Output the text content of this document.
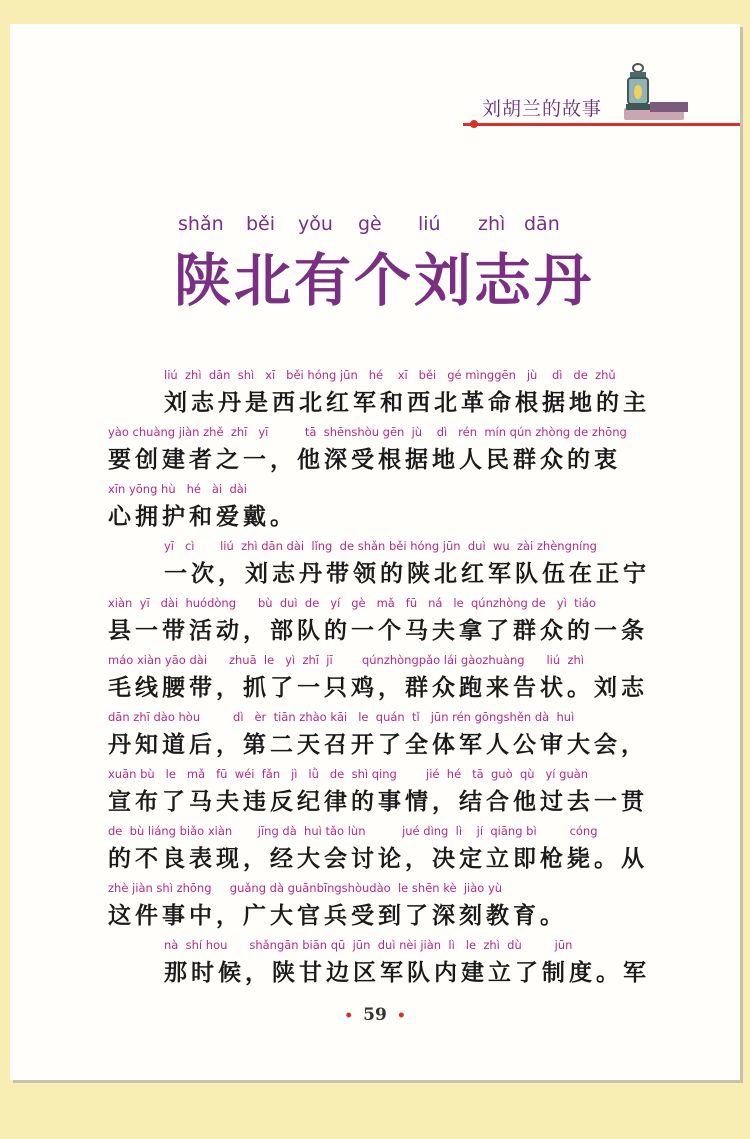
刘胡兰的故事
shǎn běi yǒu gè liú zhì dān
陕北有个刘志丹
liú  zhì  dān  shì   xī   běi hóng jūn   hé    xī   běi   gé mìnggēn   jù    dì   de  zhǔ
刘志丹是西北红军和西北革命根据地的主
yào chuàng jiàn zhě  zhī   yī          tā  shēnshòu gēn  jù    dì   rén  mín qún zhòng de zhōng
要创建者之一，他深受根据地人民群众的衷
xīn yōng hù   hé   ài  dài
心拥护和爱戴。
yī   cì       liú  zhì dān dài  lǐng  de shǎn běi hóng jūn  duì  wu  zài zhèngníng
一次，刘志丹带领的陕北红军队伍在正宁
xiàn  yī   dài  huódòng      bù  duì  de   yí   gè   mǎ   fū   ná   le  qúnzhòng de   yì  tiáo
县一带活动，部队的一个马夫拿了群众的一条
máo xiàn yāo dài      zhuā  le   yì  zhī  jī        qúnzhòngpǎo lái gàozhuàng      liú  zhì
毛线腰带，抓了一只鸡，群众跑来告状。刘志
dān zhī dào hòu         dì   èr  tiān zhào kāi   le  quán  tǐ   jūn rén gōngshěn dà  huì
丹知道后，第二天召开了全体军人公审大会，
xuān bù   le   mǎ   fū  wéi  fǎn   jì   lǜ   de  shì qing        jié  hé   tā  guò  qù   yí guàn
宣布了马夫违反纪律的事情，结合他过去一贯
de  bù liáng biǎo xiàn       jīng dà  huì tǎo lùn          jué dìng  lì    jí  qiāng bì         cóng
的不良表现，经大会讨论，决定立即枪毙。从
zhè jiàn shì zhōng     guǎng dà guānbīngshòudào  le shēn kè  jiào yù
这件事中，广大官兵受到了深刻教育。
nà  shí hou      shǎngān biān qū  jūn  duì nèi jiàn  lì   le  zhì  dù         jūn
那时候，陕甘边区军队内建立了制度。军
• 59 •
